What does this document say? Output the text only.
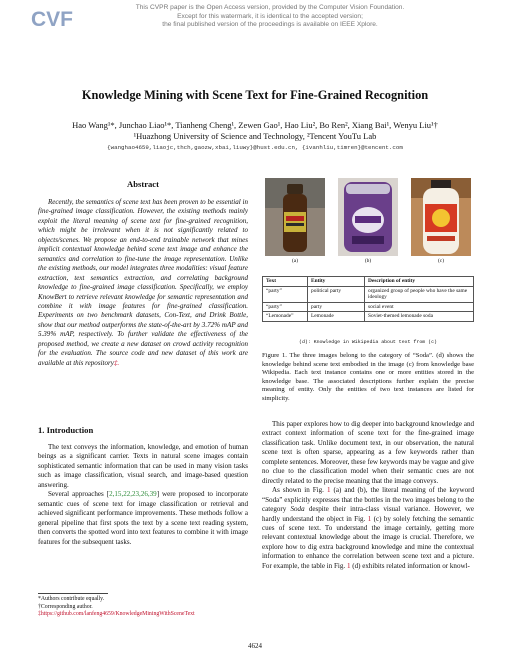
This CVPR paper is the Open Access version, provided by the Computer Vision Foundation.
Except for this watermark, it is identical to the accepted version;
the final published version of the proceedings is available on IEEE Xplore.
CVF
Knowledge Mining with Scene Text for Fine-Grained Recognition
Hao Wang¹*, Junchao Liao¹*, Tianheng Cheng¹, Zewen Gao¹, Hao Liu², Bo Ren², Xiang Bai¹, Wenyu Liu¹†
¹Huazhong University of Science and Technology, ²Tencent YouTu Lab
{wanghao4659,liaojc,thch,gaozw,xbai,liuwy}@hust.edu.cn, {ivanhliu,timren}@tencent.com
Abstract

Recently, the semantics of scene text has been proven to be essential in fine-grained image classification. However, the existing methods mainly exploit the literal meaning of scene text for fine-grained recognition, which might be irrelevant when it is not significantly related to objects/scenes. We propose an end-to-end trainable network that mines implicit contextual knowledge behind scene text image and enhance the semantics and correlation to fine-tune the image representation. Unlike the existing methods, our model integrates three modalities: visual feature extraction, text semantics extraction, and correlating background knowledge to fine-grained image classification. Specifically, we employ KnowBert to retrieve relevant knowledge for semantic representation and combine it with image features for fine-grained classification. Experiments on two benchmark datasets, Con-Text, and Drink Bottle, show that our method outperforms the state-of-the-art by 3.72% mAP and 5.39% mAP, respectively. To further validate the effectiveness of the proposed method, we create a new dataset on crowd activity recognition for the evaluation. The source code and new dataset of this work are available at this repository‡.

1. Introduction

The text conveys the information, knowledge, and emotion of human beings as a significant carrier. Texts in natural scene images contain sophisticated semantic information that can be used in many vision tasks such as image classification, visual search, and image-based question answering.

Several approaches [2,15,22,23,26,39] were proposed to incorporate semantic cues of scene text for image classification or retrieval and achieved significant performance improvements. These methods follow a general pipeline that first spots the text by a scene text reading system, then converts the spotted word into text features to combine it with image features for the subsequent tasks.

*Authors contribute equally.
†Corresponding author.
‡https://github.com/lanfeng4659/KnowledgeMiningWithSceneText
(a)	(b)	(c)
Text	Entity	Description of entity
“party”	political party	organized group of people who have the same ideology
“party”	party	social event
“Lemonade”	Lemonade	Soviet-themed lemonade soda
(d): Knowledge in Wikipedia about text from (c)
Figure 1. The three images belong to the category of “Soda”. (d) shows the knowledge behind scene text embodied in the image (c) from knowledge base Wikipedia. Each text instance contains one or more entities stored in the knowledge base. The associated descriptions further explain the precise meaning of entity. Only the entities of two text instances are listed for simplicity.

This paper explores how to dig deeper into background knowledge and extract context information of scene text for the fine-grained image classification task. Unlike document text, in our observation, the natural scene text is often sparse, appearing as a few keywords rather than complete sentences. Moreover, these few keywords may be vague and give no clue to the classification model when their semantic cues are not directly related to the precise meaning that the image conveys.

As shown in Fig. 1 (a) and (b), the literal meaning of the keyword “Soda” explicitly expresses that the bottles in the two images belong to the category Soda despite their intra-class visual variance. However, we hardly understand the object in Fig. 1 (c) by solely fetching the semantic cues of scene text. To understand the image certainly, getting more relevant contextual knowledge about the image is crucial. Therefore, we explore how to dig extra background knowledge and mine the contextual information to enhance the correlation between scene text and a picture. For example, the table in Fig. 1 (d) exhibits related information or knowl-

4624
